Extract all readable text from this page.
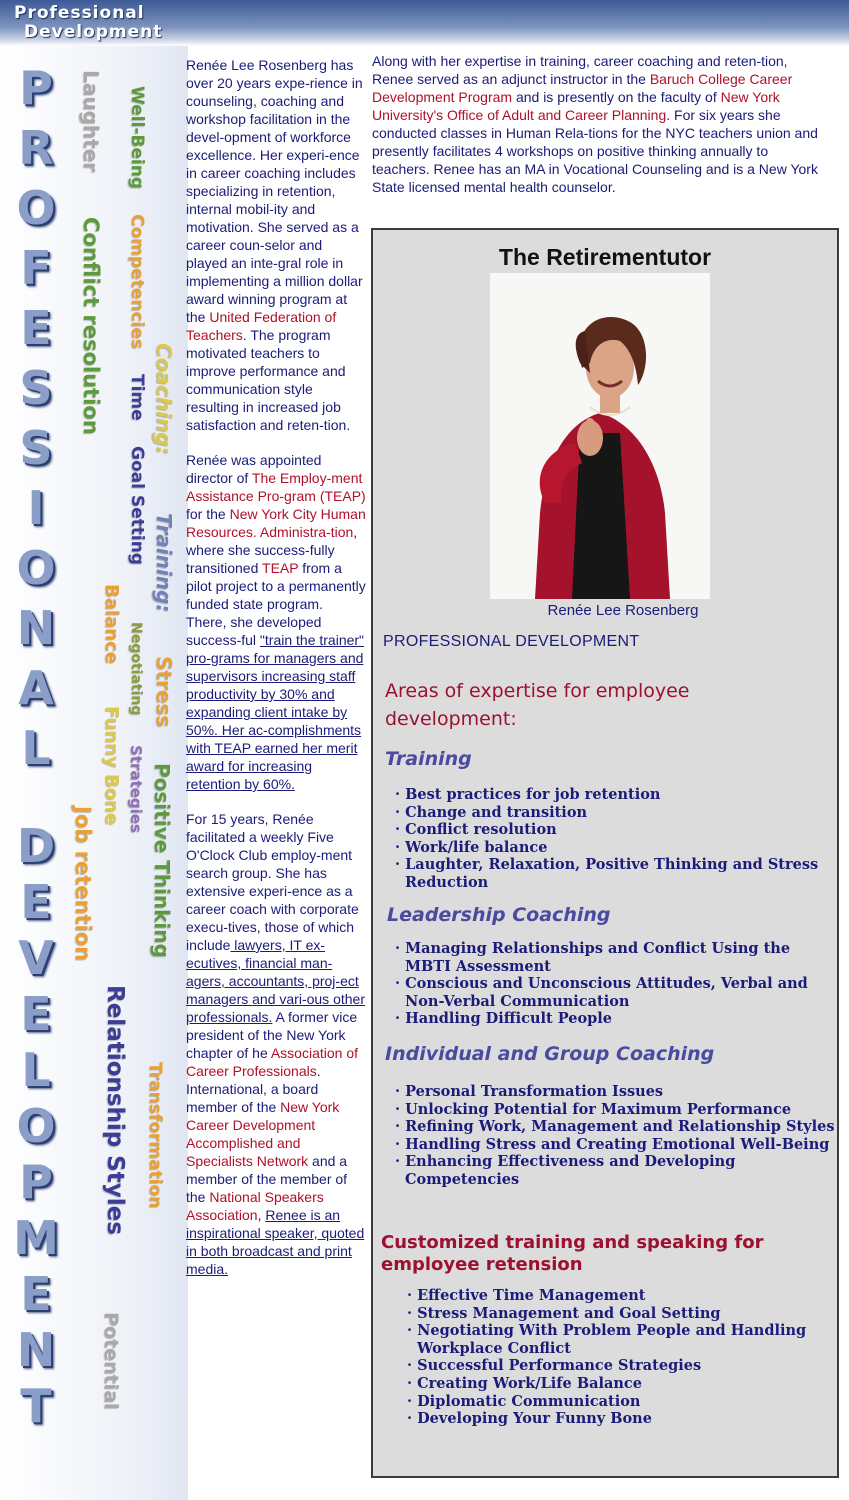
Professional
Development
P
R
O
F
E
S
S
I
O
N
A
L
D
E
V
E
L
O
P
M
E
N
T
Laughter
Conflict resolution
Well-Being
Competencies
Time
Goal Setting
Coaching:
Training:
Stress
Balance Negotiating
Strategies
Funny Bone Positive Thinking
Job retention
Relationship Styles Transformation
Potential

Renée Lee Rosenberg has over 20 years expe-rience in counseling, coaching and workshop facilitation in the devel-opment of workforce excellence. Her experi-ence in career coaching includes specializing in retention, internal mobil-ity and motivation. She served as a career coun-selor and played an inte-gral role in implementing a million dollar award winning program at the United Federation of Teachers. The program motivated teachers to improve performance and communication style resulting in increased job satisfaction and reten-tion.

Renée was appointed director of The Employ-ment Assistance Pro-gram (TEAP) for the New York City Human Resources. Administra-tion, where she success-fully transitioned TEAP from a pilot project to a permanently funded state program. There, she developed success-ful "train the trainer" pro-grams for managers and supervisors increasing staff productivity by 30% and expanding client intake by 50%. Her ac-complishments with TEAP earned her merit award for increasing retention by 60%.

For 15 years, Renée facilitated a weekly Five O'Clock Club employ-ment search group. She has extensive experi-ence as a career coach with corporate execu-tives, those of which include lawyers, IT ex-ecutives, financial man-agers, accountants, proj-ect managers and vari-ous other professionals. A former vice president of the New York chapter of he Association of Career Professionals. International, a board member of the New York Career Development Accomplished and Specialists Network and a member of the member of the National Speakers Association, Renee is an inspirational speaker, quoted in both broadcast and print media.

Along with her expertise in training, career coaching and reten-tion, Renee served as an adjunct instructor in the Baruch College Career Development Program and is presently on the faculty of New York University's Office of Adult and Career Planning. For six years she conducted classes in Human Rela-tions for the NYC teachers union and presently facilitates 4 workshops on positive thinking annually to teachers. Renee has an MA in Vocational Counseling and is a New York State licensed mental health counselor.
The Retirementutor
Renée Lee Rosenberg
PROFESSIONAL DEVELOPMENT
Areas of expertise for employee development:
Training
· Best practices for job retention
· Change and transition
· Conflict resolution
· Work/life balance
· Laughter, Relaxation, Positive Thinking and Stress Reduction
Leadership Coaching
· Managing Relationships and Conflict Using the MBTI Assessment
· Conscious and Unconscious Attitudes, Verbal and Non-Verbal Communication
· Handling Difficult People
Individual and Group Coaching
· Personal Transformation Issues
· Unlocking Potential for Maximum Performance
· Refining Work, Management and Relationship Styles
· Handling Stress and Creating Emotional Well-Being
· Enhancing Effectiveness and Developing Competencies
Customized training and speaking for employee retension
· Effective Time Management
· Stress Management and Goal Setting
· Negotiating With Problem People and Handling Workplace Conflict
· Successful Performance Strategies
· Creating Work/Life Balance
· Diplomatic Communication
· Developing Your Funny Bone
